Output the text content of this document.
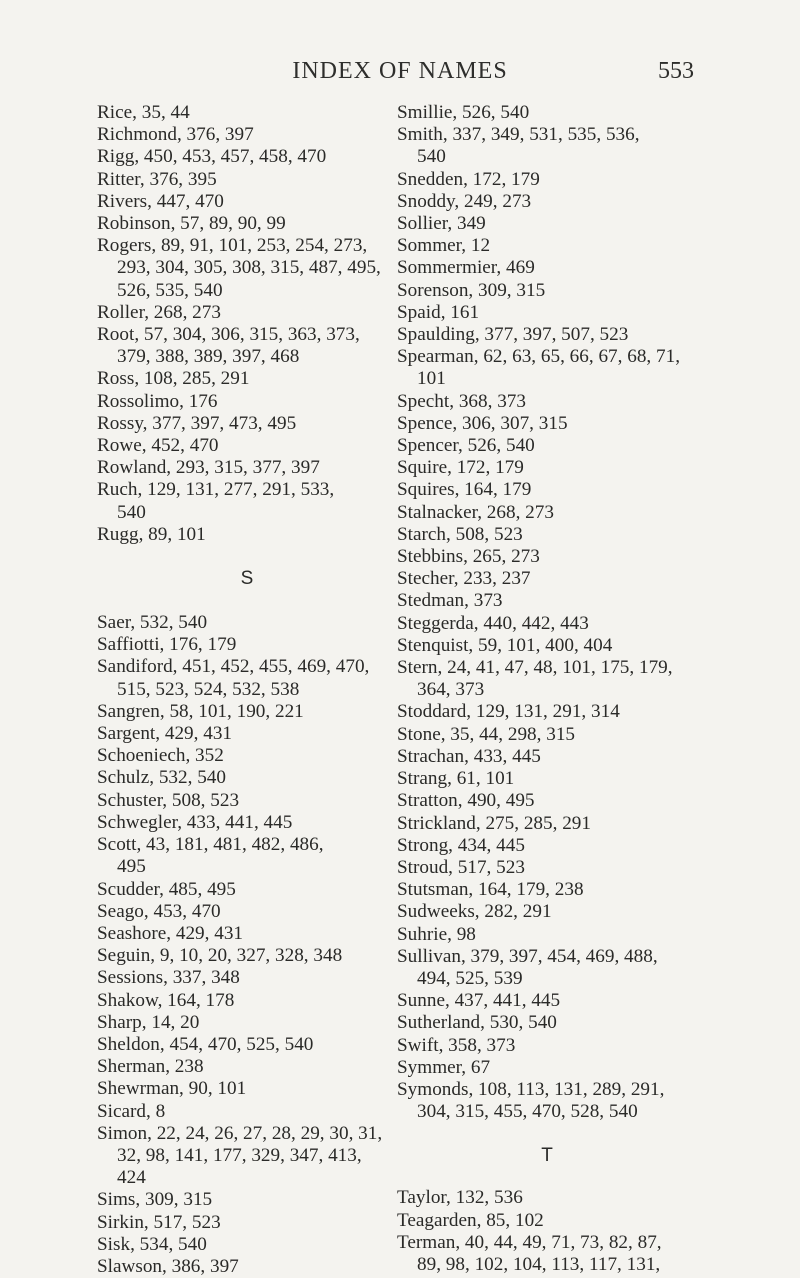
INDEX OF NAMES	553
Rice, 35, 44
Richmond, 376, 397
Rigg, 450, 453, 457, 458, 470
Ritter, 376, 395
Rivers, 447, 470
Robinson, 57, 89, 90, 99
Rogers, 89, 91, 101, 253, 254, 273,
293, 304, 305, 308, 315, 487, 495,
526, 535, 540
Roller, 268, 273
Root, 57, 304, 306, 315, 363, 373,
379, 388, 389, 397, 468
Ross, 108, 285, 291
Rossolimo, 176
Rossy, 377, 397, 473, 495
Rowe, 452, 470
Rowland, 293, 315, 377, 397
Ruch, 129, 131, 277, 291, 533,
540
Rugg, 89, 101
S
Saer, 532, 540
Saffiotti, 176, 179
Sandiford, 451, 452, 455, 469, 470,
515, 523, 524, 532, 538
Sangren, 58, 101, 190, 221
Sargent, 429, 431
Schoeniech, 352
Schulz, 532, 540
Schuster, 508, 523
Schwegler, 433, 441, 445
Scott, 43, 181, 481, 482, 486,
495
Scudder, 485, 495
Seago, 453, 470
Seashore, 429, 431
Seguin, 9, 10, 20, 327, 328, 348
Sessions, 337, 348
Shakow, 164, 178
Sharp, 14, 20
Sheldon, 454, 470, 525, 540
Sherman, 238
Shewrman, 90, 101
Sicard, 8
Simon, 22, 24, 26, 27, 28, 29, 30, 31,
32, 98, 141, 177, 329, 347, 413,
424
Sims, 309, 315
Sirkin, 517, 523
Sisk, 534, 540
Slawson, 386, 397
Smillie, 526, 540
Smith, 337, 349, 531, 535, 536,
540
Snedden, 172, 179
Snoddy, 249, 273
Sollier, 349
Sommer, 12
Sommermier, 469
Sorenson, 309, 315
Spaid, 161
Spaulding, 377, 397, 507, 523
Spearman, 62, 63, 65, 66, 67, 68, 71,
101
Specht, 368, 373
Spence, 306, 307, 315
Spencer, 526, 540
Squire, 172, 179
Squires, 164, 179
Stalnacker, 268, 273
Starch, 508, 523
Stebbins, 265, 273
Stecher, 233, 237
Stedman, 373
Steggerda, 440, 442, 443
Stenquist, 59, 101, 400, 404
Stern, 24, 41, 47, 48, 101, 175, 179,
364, 373
Stoddard, 129, 131, 291, 314
Stone, 35, 44, 298, 315
Strachan, 433, 445
Strang, 61, 101
Stratton, 490, 495
Strickland, 275, 285, 291
Strong, 434, 445
Stroud, 517, 523
Stutsman, 164, 179, 238
Sudweeks, 282, 291
Suhrie, 98
Sullivan, 379, 397, 454, 469, 488,
494, 525, 539
Sunne, 437, 441, 445
Sutherland, 530, 540
Swift, 358, 373
Symmer, 67
Symonds, 108, 113, 131, 289, 291,
304, 315, 455, 470, 528, 540
T
Taylor, 132, 536
Teagarden, 85, 102
Terman, 40, 44, 49, 71, 73, 82, 87,
89, 98, 102, 104, 113, 117, 131,
